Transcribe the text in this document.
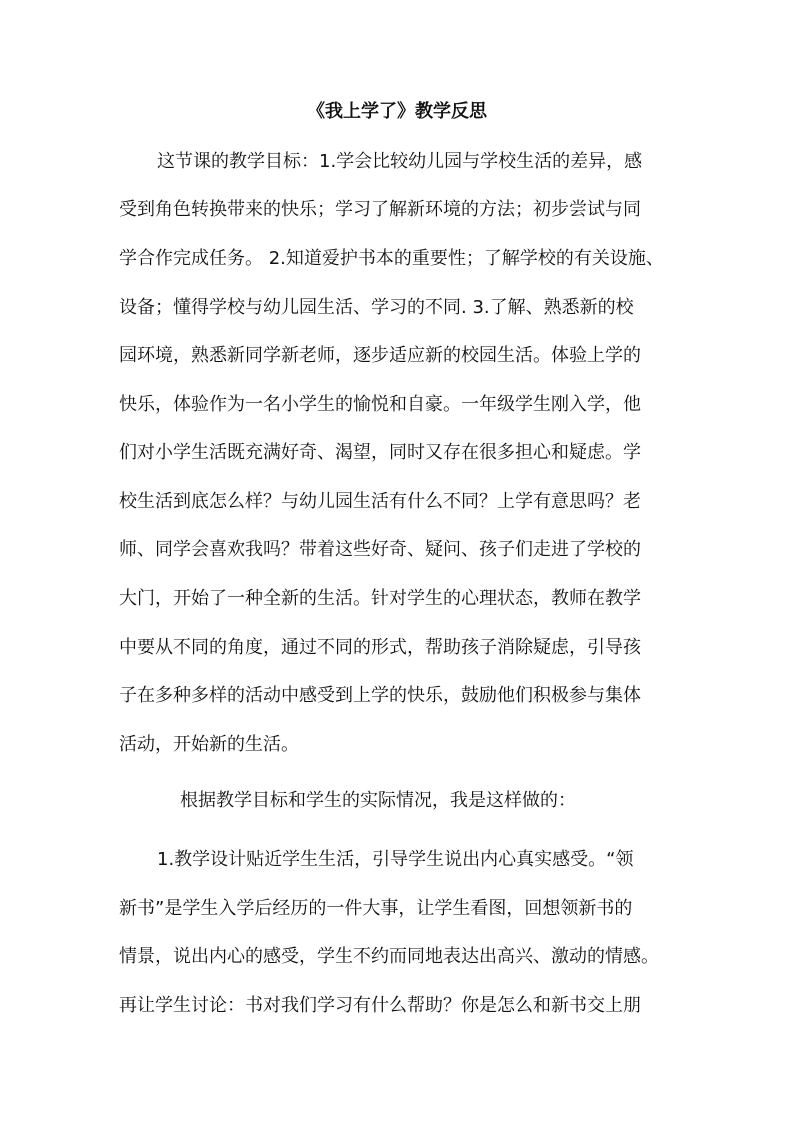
《我上学了》教学反思
这节课的教学目标：1.学会比较幼儿园与学校生活的差异，感
受到角色转换带来的快乐；学习了解新环境的方法；初步尝试与同
学合作完成任务。 2.知道爱护书本的重要性；了解学校的有关设施、
设备；懂得学校与幼儿园生活、学习的不同. 3.了解、熟悉新的校
园环境，熟悉新同学新老师，逐步适应新的校园生活。体验上学的
快乐，体验作为一名小学生的愉悦和自豪。一年级学生刚入学，他
们对小学生活既充满好奇、渴望，同时又存在很多担心和疑虑。学
校生活到底怎么样？与幼儿园生活有什么不同？上学有意思吗？老
师、同学会喜欢我吗？带着这些好奇、疑问、孩子们走进了学校的
大门，开始了一种全新的生活。针对学生的心理状态，教师在教学
中要从不同的角度，通过不同的形式，帮助孩子消除疑虑，引导孩
子在多种多样的活动中感受到上学的快乐，鼓励他们积极参与集体
活动，开始新的生活。
根据教学目标和学生的实际情况，我是这样做的：
1.教学设计贴近学生生活，引导学生说出内心真实感受。“领
新书”是学生入学后经历的一件大事，让学生看图，回想领新书的
情景，说出内心的感受，学生不约而同地表达出高兴、激动的情感。
再让学生讨论：书对我们学习有什么帮助？你是怎么和新书交上朋
